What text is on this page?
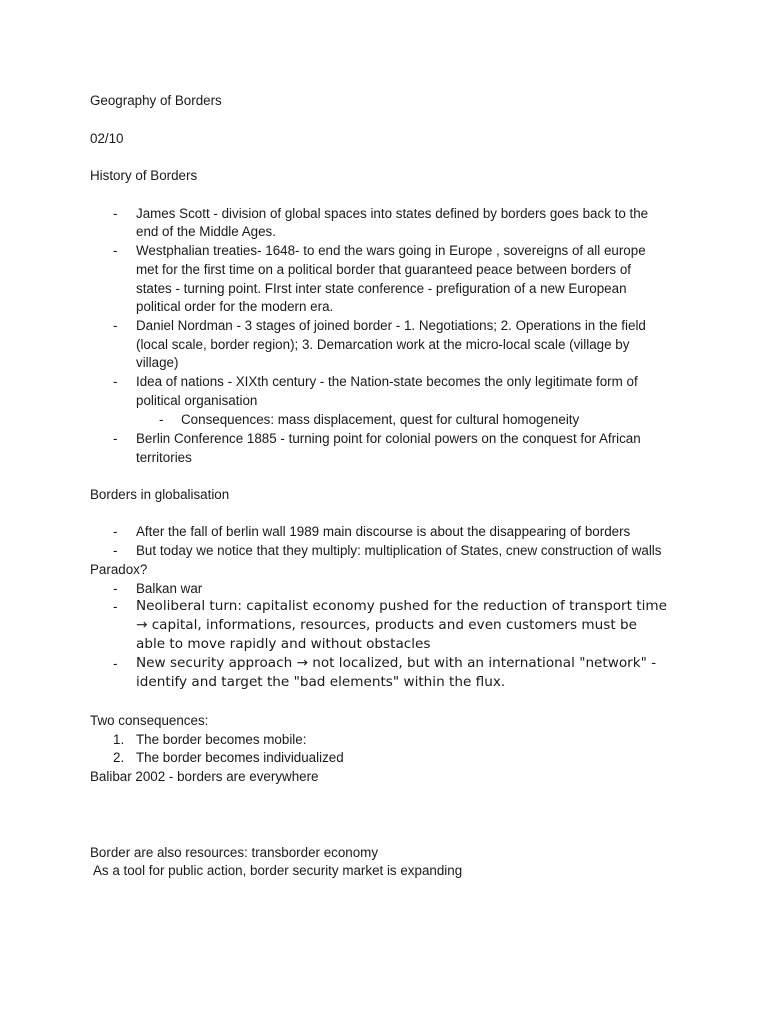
Geography of Borders
02/10
History of Borders
- James Scott - division of global spaces into states defined by borders goes back to the
end of the Middle Ages.
- Westphalian treaties- 1648- to end the wars going in Europe , sovereigns of all europe
met for the first time on a political border that guaranteed peace between borders of
states - turning point. FIrst inter state conference - prefiguration of a new European
political order for the modern era.
- Daniel Nordman - 3 stages of joined border - 1. Negotiations; 2. Operations in the field
(local scale, border region); 3. Demarcation work at the micro-local scale (village by
village)
- Idea of nations - XIXth century - the Nation-state becomes the only legitimate form of
political organisation
- Consequences: mass displacement, quest for cultural homogeneity
- Berlin Conference 1885 - turning point for colonial powers on the conquest for African
territories
Borders in globalisation
- After the fall of berlin wall 1989 main discourse is about the disappearing of borders
- But today we notice that they multiply: multiplication of States, cnew construction of walls
Paradox?
- Balkan war
- Neoliberal turn: capitalist economy pushed for the reduction of transport time
→ capital, informations, resources, products and even customers must be
able to move rapidly and without obstacles
- New security approach → not localized, but with an international "network" -
identify and target the "bad elements" within the flux.
Two consequences:
1. The border becomes mobile:
2. The border becomes individualized
Balibar 2002 - borders are everywhere
Border are also resources: transborder economy
As a tool for public action, border security market is expanding
